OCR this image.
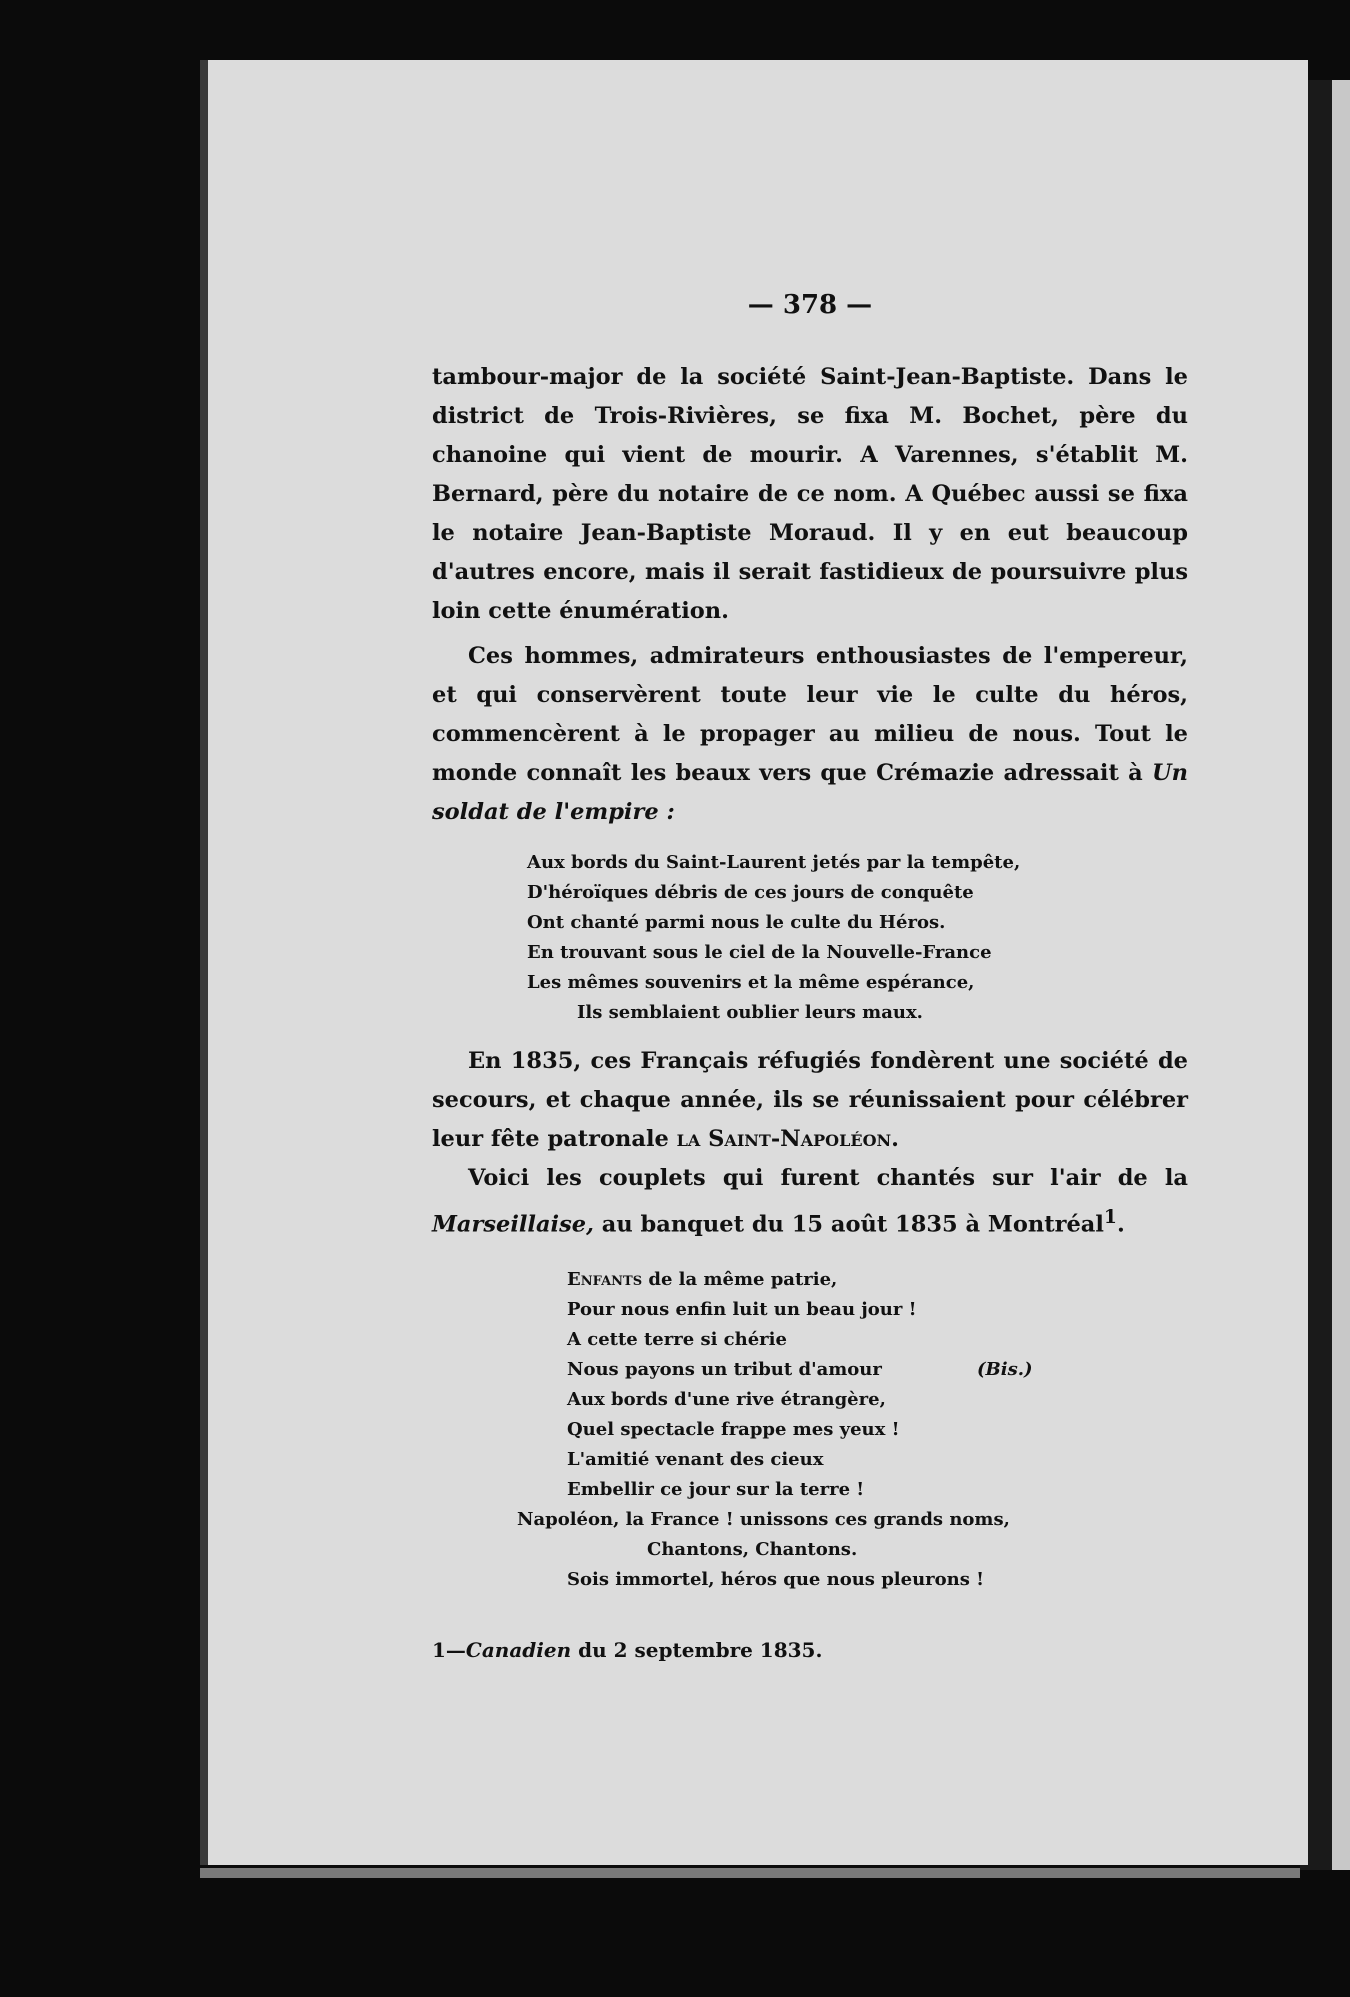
— 378 —

tambour-major de la société Saint-Jean-Baptiste. Dans le district de Trois-Rivières, se fixa M. Bochet, père du chanoine qui vient de mourir. A Varennes, s'établit M. Bernard, père du notaire de ce nom. A Québec aussi se fixa le notaire Jean-Baptiste Moraud. Il y en eut beaucoup d'autres encore, mais il serait fastidieux de poursuivre plus loin cette énumération.

Ces hommes, admirateurs enthousiastes de l'empereur, et qui conservèrent toute leur vie le culte du héros, commencèrent à le propager au milieu de nous. Tout le monde connaît les beaux vers que Crémazie adressait à Un soldat de l'empire :

Aux bords du Saint-Laurent jetés par la tempête,
D'héroïques débris de ces jours de conquête
Ont chanté parmi nous le culte du Héros.
En trouvant sous le ciel de la Nouvelle-France
Les mêmes souvenirs et la même espérance,
Ils semblaient oublier leurs maux.

En 1835, ces Français réfugiés fondèrent une société de secours, et chaque année, ils se réunissaient pour célébrer leur fête patronale la Saint-Napoléon.

Voici les couplets qui furent chantés sur l'air de la Marseillaise, au banquet du 15 août 1835 à Montréal$^1$.

Enfants de la même patrie,
Pour nous enfin luit un beau jour !
A cette terre si chérie
Nous payons un tribut d'amour	(Bis.)
Aux bords d'une rive étrangère,
Quel spectacle frappe mes yeux !
L'amitié venant des cieux
Embellir ce jour sur la terre !
Napoléon, la France ! unissons ces grands noms,
Chantons, Chantons.
Sois immortel, héros que nous pleurons !

1—Canadien du 2 septembre 1835.
